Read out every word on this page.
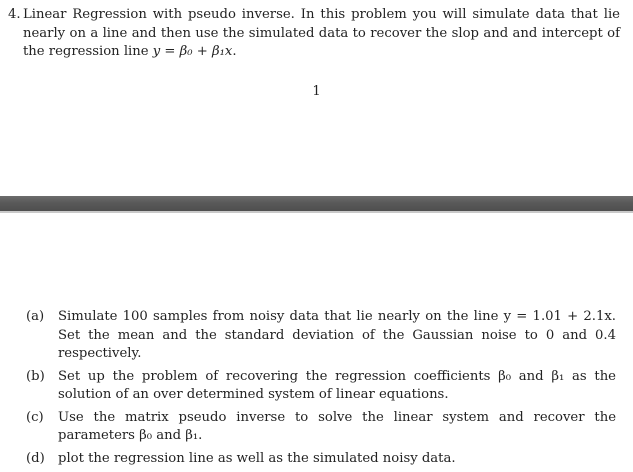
4. Linear Regression with pseudo inverse. In this problem you will simulate data that lie nearly on a line and then use the simulated data to recover the slop and and intercept of the regression line y = β₀ + β₁x.
1
(a) Simulate 100 samples from noisy data that lie nearly on the line y = 1.01 + 2.1x. Set the mean and the standard deviation of the Gaussian noise to 0 and 0.4 respectively.
(b) Set up the problem of recovering the regression coefficients β₀ and β₁ as the solution of an over determined system of linear equations.
(c) Use the matrix pseudo inverse to solve the linear system and recover the parameters β₀ and β₁.
(d) plot the regression line as well as the simulated noisy data.
